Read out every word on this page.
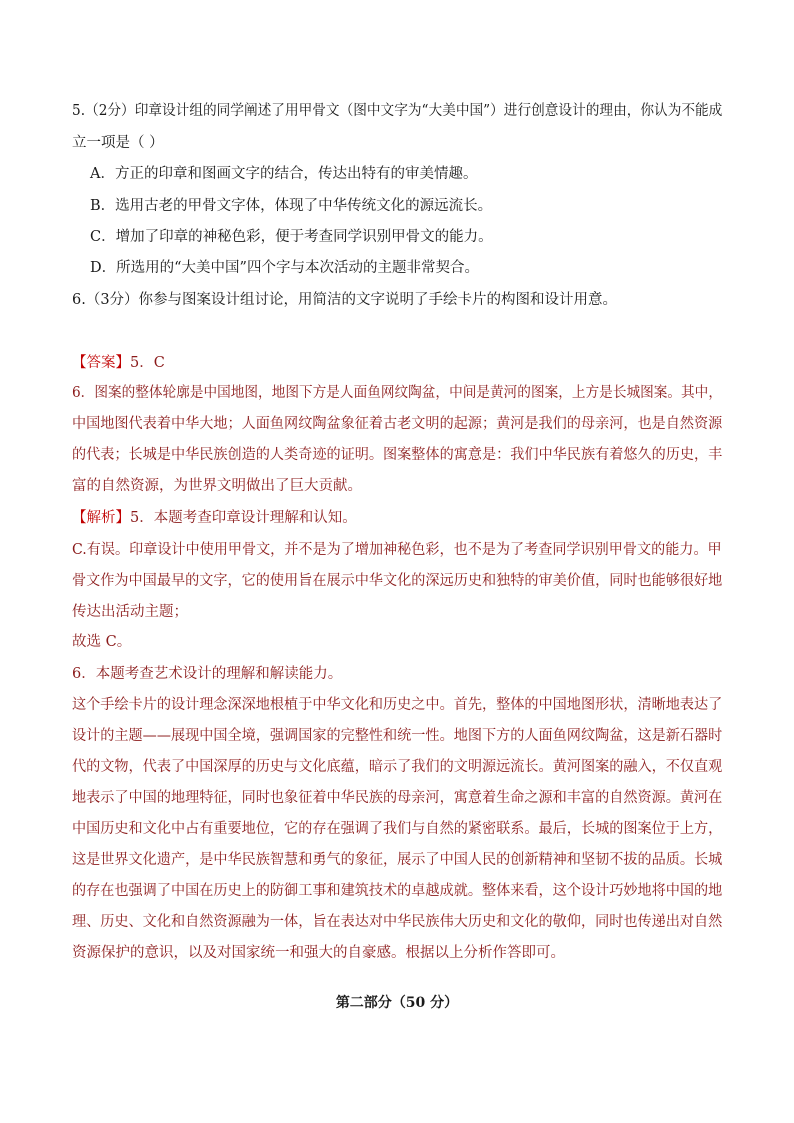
5.（2分）印章设计组的同学阐述了用甲骨文（图中文字为“大美中国”）进行创意设计的理由，你认为不能成
立一项是（ ）
A．方正的印章和图画文字的结合，传达出特有的审美情趣。
B．选用古老的甲骨文字体，体现了中华传统文化的源远流长。
C．增加了印章的神秘色彩，便于考查同学识别甲骨文的能力。
D．所选用的“大美中国”四个字与本次活动的主题非常契合。
6.（3分）你参与图案设计组讨论，用简洁的文字说明了手绘卡片的构图和设计用意。
【答案】5．C
6．图案的整体轮廓是中国地图，地图下方是人面鱼网纹陶盆，中间是黄河的图案，上方是长城图案。其中，
中国地图代表着中华大地；人面鱼网纹陶盆象征着古老文明的起源；黄河是我们的母亲河，也是自然资源
的代表；长城是中华民族创造的人类奇迹的证明。图案整体的寓意是：我们中华民族有着悠久的历史，丰
富的自然资源，为世界文明做出了巨大贡献。
【解析】5．本题考查印章设计理解和认知。
C.有误。印章设计中使用甲骨文，并不是为了增加神秘色彩，也不是为了考查同学识别甲骨文的能力。甲
骨文作为中国最早的文字，它的使用旨在展示中华文化的深远历史和独特的审美价值，同时也能够很好地
传达出活动主题；
故选 C。
6．本题考查艺术设计的理解和解读能力。
这个手绘卡片的设计理念深深地根植于中华文化和历史之中。首先，整体的中国地图形状，清晰地表达了
设计的主题——展现中国全境，强调国家的完整性和统一性。地图下方的人面鱼网纹陶盆，这是新石器时
代的文物，代表了中国深厚的历史与文化底蕴，暗示了我们的文明源远流长。黄河图案的融入，不仅直观
地表示了中国的地理特征，同时也象征着中华民族的母亲河，寓意着生命之源和丰富的自然资源。黄河在
中国历史和文化中占有重要地位，它的存在强调了我们与自然的紧密联系。最后，长城的图案位于上方，
这是世界文化遗产，是中华民族智慧和勇气的象征，展示了中国人民的创新精神和坚韧不拔的品质。长城
的存在也强调了中国在历史上的防御工事和建筑技术的卓越成就。整体来看，这个设计巧妙地将中国的地
理、历史、文化和自然资源融为一体，旨在表达对中华民族伟大历史和文化的敬仰，同时也传递出对自然
资源保护的意识，以及对国家统一和强大的自豪感。根据以上分析作答即可。
第二部分（50 分）
